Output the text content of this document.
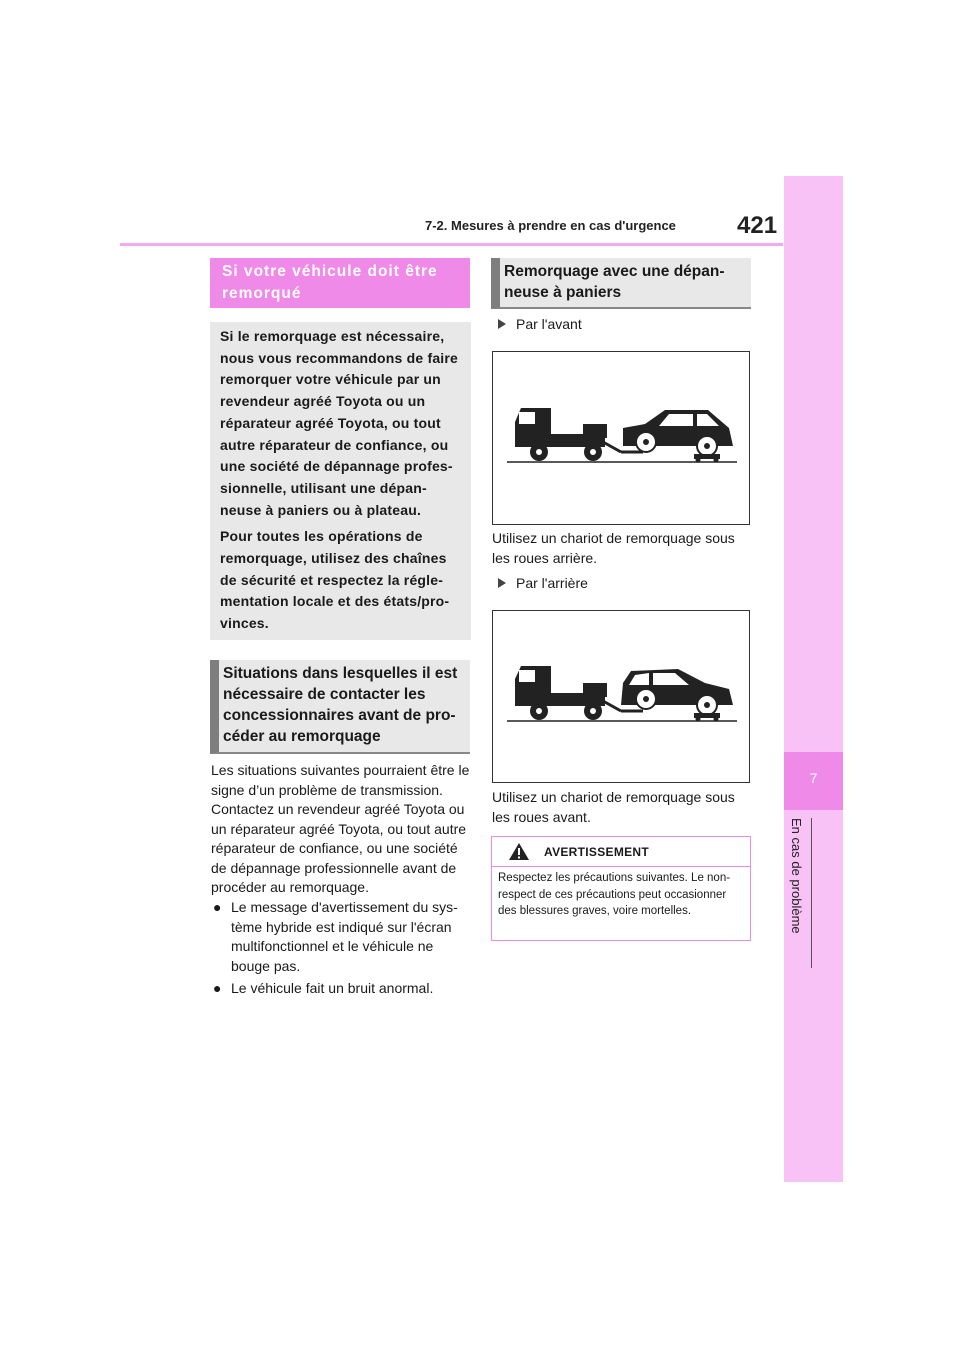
7-2. Mesures à prendre en cas d'urgence	421
7
En cas de problème
Si votre véhicule doit être remorqué

Si le remorquage est nécessaire, nous vous recommandons de faire remorquer votre véhicule par un revendeur agréé Toyota ou un réparateur agréé Toyota, ou tout autre réparateur de confiance, ou une société de dépannage profes-sionnelle, utilisant une dépan-neuse à paniers ou à plateau.

Pour toutes les opérations de remorquage, utilisez des chaînes de sécurité et respectez la régle-mentation locale et des états/pro-vinces.

Situations dans lesquelles il est nécessaire de contacter les concessionnaires avant de pro-céder au remorquage
Les situations suivantes pourraient être le signe d’un problème de transmission. Contactez un revendeur agréé Toyota ou un réparateur agréé Toyota, ou tout autre réparateur de confiance, ou une société de dépannage professionnelle avant de procéder au remorquage.
● Le message d'avertissement du sys-tème hybride est indiqué sur l'écran multifonctionnel et le véhicule ne bouge pas.
● Le véhicule fait un bruit anormal.
Remorquage avec une dépan-neuse à paniers
Par l'avant
Utilisez un chariot de remorquage sous les roues arrière.
Par l'arrière
Utilisez un chariot de remorquage sous les roues avant.
AVERTISSEMENT
Respectez les précautions suivantes. Le non-respect de ces précautions peut occasionner des blessures graves, voire mortelles.
